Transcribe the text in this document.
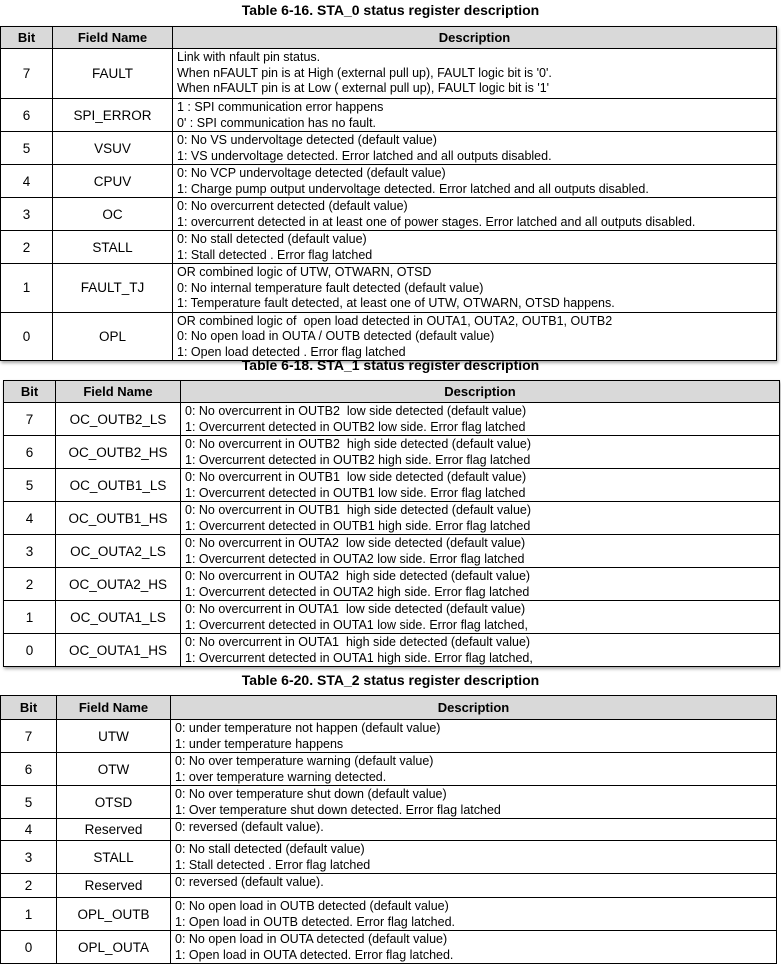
Table 6-16. STA_0 status register description
Bit	Field Name	Description
7	FAULT	Link with nfault pin status.
When nFAULT pin is at High (external pull up), FAULT logic bit is '0'.
When nFAULT pin is at Low ( external pull up), FAULT logic bit is '1'

6	SPI_ERROR	1 : SPI communication error happens
0' : SPI communication has no fault.

5	VSUV	0: No VS undervoltage detected (default value)
1: VS undervoltage detected. Error latched and all outputs disabled.

4	CPUV	0: No VCP undervoltage detected (default value)
1: Charge pump output undervoltage detected. Error latched and all outputs disabled.

3	OC	0: No overcurrent detected (default value)
1: overcurrent detected in at least one of power stages. Error latched and all outputs disabled.

2	STALL	0: No stall detected (default value)
1: Stall detected . Error flag latched

1	FAULT_TJ	OR combined logic of UTW, OTWARN, OTSD
0: No internal temperature fault detected (default value)
1: Temperature fault detected, at least one of UTW, OTWARN, OTSD happens.

0	OPL	OR combined logic of  open load detected in OUTA1, OUTA2, OUTB1, OUTB2
0: No open load in OUTA / OUTB detected (default value)
1: Open load detected . Error flag latched
Table 6-18. STA_1 status register description
Bit	Field Name	Description
7	OC_OUTB2_LS	0: No overcurrent in OUTB2  low side detected (default value)
1: Overcurrent detected in OUTB2 low side. Error flag latched

6	OC_OUTB2_HS	0: No overcurrent in OUTB2  high side detected (default value)
1: Overcurrent detected in OUTB2 high side. Error flag latched

5	OC_OUTB1_LS	0: No overcurrent in OUTB1  low side detected (default value)
1: Overcurrent detected in OUTB1 low side. Error flag latched

4	OC_OUTB1_HS	0: No overcurrent in OUTB1  high side detected (default value)
1: Overcurrent detected in OUTB1 high side. Error flag latched

3	OC_OUTA2_LS	0: No overcurrent in OUTA2  low side detected (default value)
1: Overcurrent detected in OUTA2 low side. Error flag latched

2	OC_OUTA2_HS	0: No overcurrent in OUTA2  high side detected (default value)
1: Overcurrent detected in OUTA2 high side. Error flag latched

1	OC_OUTA1_LS	0: No overcurrent in OUTA1  low side detected (default value)
1: Overcurrent detected in OUTA1 low side. Error flag latched,

0	OC_OUTA1_HS	0: No overcurrent in OUTA1  high side detected (default value)
1: Overcurrent detected in OUTA1 high side. Error flag latched,
Table 6-20. STA_2 status register description
Bit	Field Name	Description
7	UTW	0: under temperature not happen (default value)
1: under temperature happens

6	OTW	0: No over temperature warning (default value)
1: over temperature warning detected.

5	OTSD	0: No over temperature shut down (default value)
1: Over temperature shut down detected. Error flag latched

4	Reserved	0: reversed (default value).

3	STALL	0: No stall detected (default value)
1: Stall detected . Error flag latched

2	Reserved	0: reversed (default value).

1	OPL_OUTB	0: No open load in OUTB detected (default value)
1: Open load in OUTB detected. Error flag latched.

0	OPL_OUTA	0: No open load in OUTA detected (default value)
1: Open load in OUTA detected. Error flag latched.
